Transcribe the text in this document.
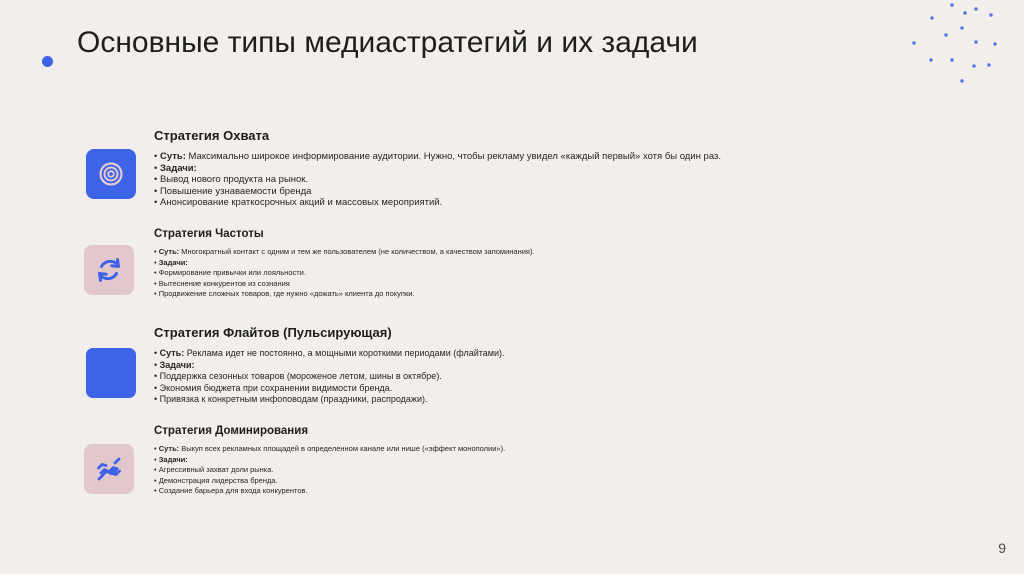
Основные типы медиастратегий и их задачи
Стратегия Охвата
• Суть: Максимально широкое информирование аудитории. Нужно, чтобы рекламу увидел «каждый первый» хотя бы один раз.
• Задачи:
• Вывод нового продукта на рынок.
• Повышение узнаваемости бренда
• Анонсирование краткосрочных акций и массовых мероприятий.
Стратегия Частоты
• Суть: Многократный контакт с одним и тем же пользователем (не количеством, а качеством запоминания).
• Задачи:
• Формирование привычки или лояльности.
• Вытеснение конкурентов из сознания
• Продвижение сложных товаров, где нужно «дожать» клиента до покупки.
Стратегия Флайтов (Пульсирующая)
• Суть: Реклама идет не постоянно, а мощными короткими периодами (флайтами).
• Задачи:
• Поддержка сезонных товаров (мороженое летом, шины в октябре).
• Экономия бюджета при сохранении видимости бренда.
• Привязка к конкретным инфоповодам (праздники, распродажи).
Стратегия Доминирования
• Суть: Выкуп всех рекламных площадей в определенном канале или нише («эффект монополии»).
• Задачи:
• Агрессивный захват доли рынка.
• Демонстрация лидерства бренда.
• Создание барьера для входа конкурентов.
9
